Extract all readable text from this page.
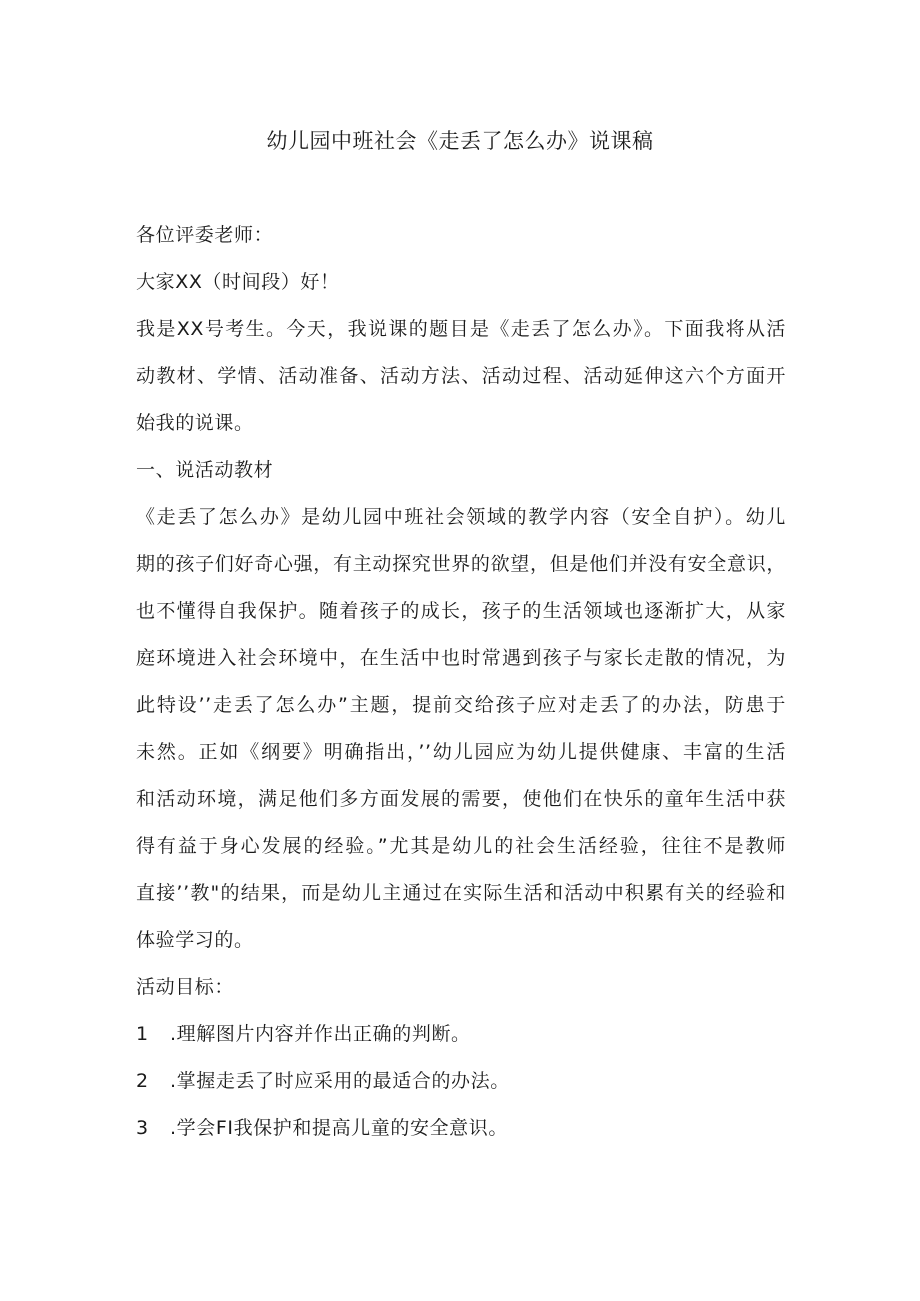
幼儿园中班社会《走丢了怎么办》说课稿
各位评委老师：
大家XX（时间段）好！
我是XX号考生。今天，我说课的题目是《走丢了怎么办》。下面我将从活
动教材、学情、活动准备、活动方法、活动过程、活动延伸这六个方面开
始我的说课。
一、说活动教材
《走丢了怎么办》是幼儿园中班社会领域的教学内容（安全自护）。幼儿
期的孩子们好奇心强，有主动探究世界的欲望，但是他们并没有安全意识，
也不懂得自我保护。随着孩子的成长，孩子的生活领域也逐渐扩大，从家
庭环境进入社会环境中，在生活中也时常遇到孩子与家长走散的情况，为
此特设’’走丢了怎么办”主题，提前交给孩子应对走丢了的办法，防患于
未然。正如《纲要》明确指出，’’幼儿园应为幼儿提供健康、丰富的生活
和活动环境，满足他们多方面发展的需要，使他们在快乐的童年生活中获
得有益于身心发展的经验。”尤其是幼儿的社会生活经验，往往不是教师
直接’’教"的结果，而是幼儿主通过在实际生活和活动中积累有关的经验和
体验学习的。
活动目标：
1	.理解图片内容并作出正确的判断。
2	.掌握走丢了时应采用的最适合的办法。
3	.学会FI我保护和提高儿童的安全意识。
